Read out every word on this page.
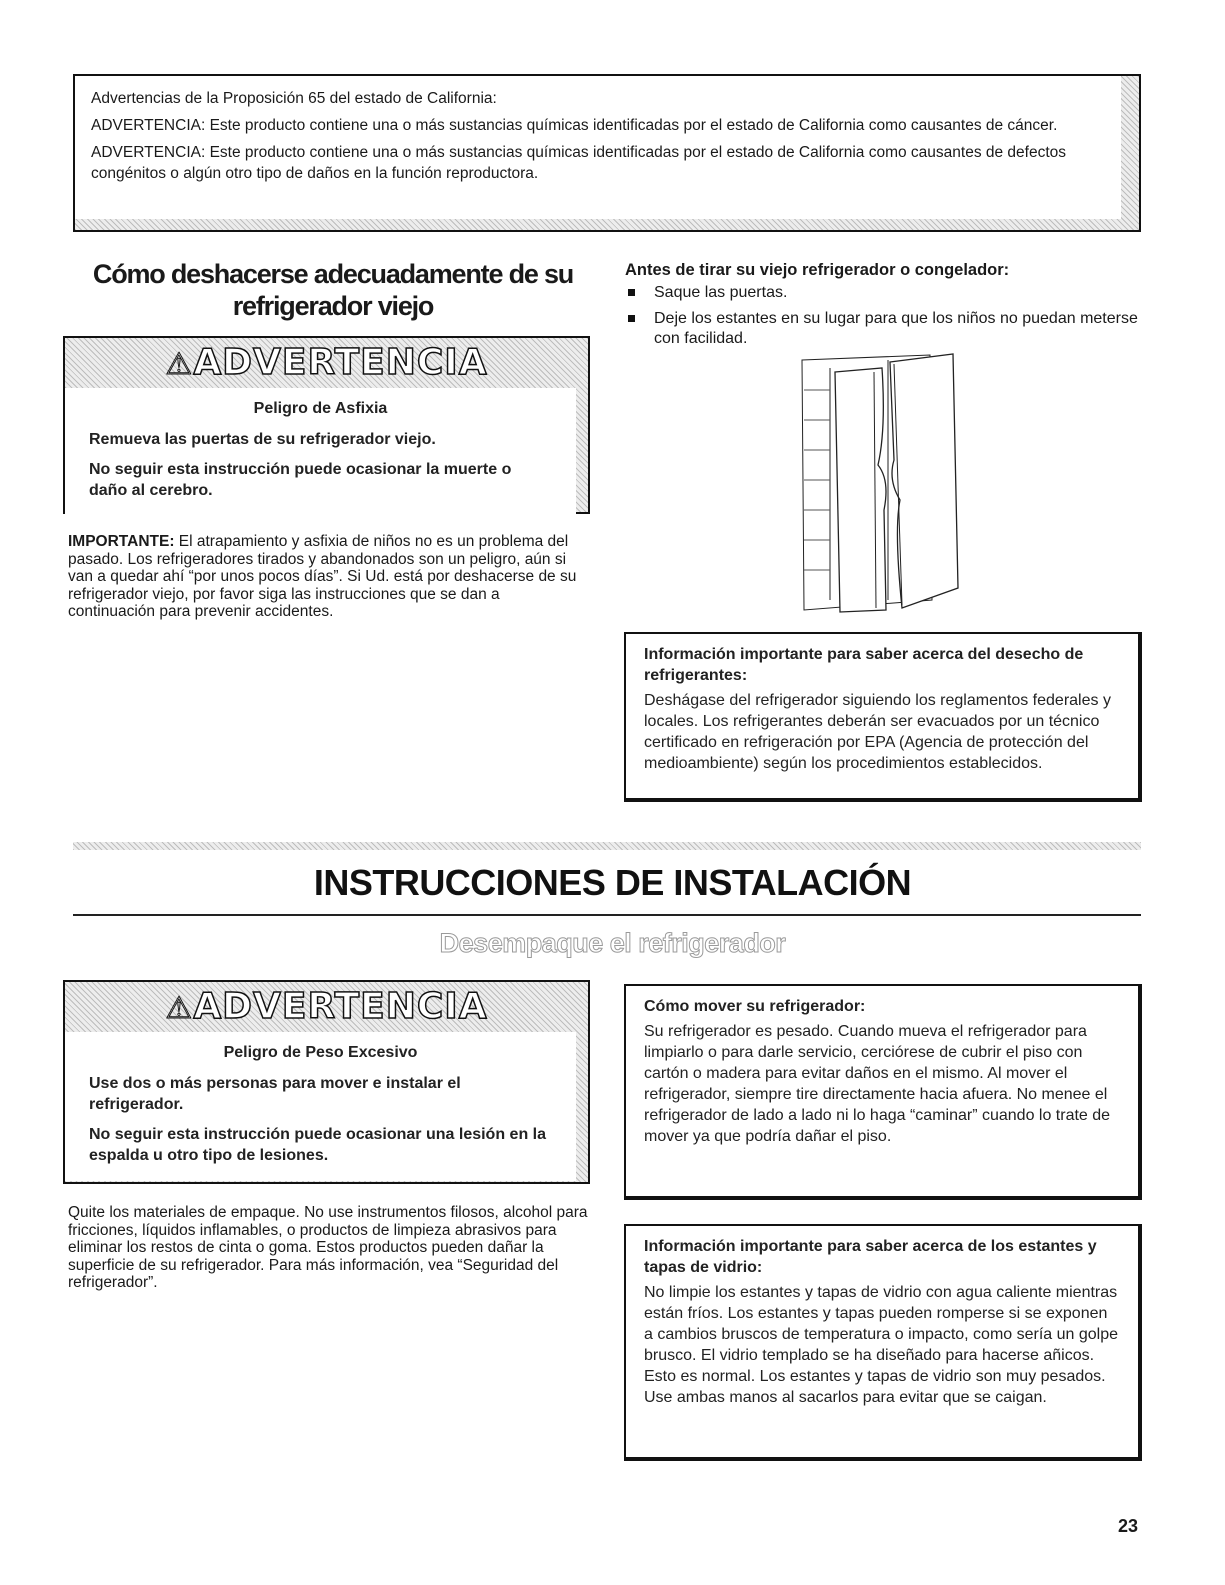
Advertencias de la Proposición 65 del estado de California:

ADVERTENCIA: Este producto contiene una o más sustancias químicas identificadas por el estado de California como causantes de cáncer.

ADVERTENCIA: Este producto contiene una o más sustancias químicas identificadas por el estado de California como causantes de defectos congénitos o algún otro tipo de daños en la función reproductora.

Cómo deshacerse adecuadamente de su
refrigerador viejo
⚠ADVERTENCIA
Peligro de Asfixia

Remueva las puertas de su refrigerador viejo.

No seguir esta instrucción puede ocasionar la muerte o daño al cerebro.

IMPORTANTE: El atrapamiento y asfixia de niños no es un problema del pasado. Los refrigeradores tirados y abandonados son un peligro, aún si van a quedar ahí “por unos pocos días”. Si Ud. está por deshacerse de su refrigerador viejo, por favor siga las instrucciones que se dan a continuación para prevenir accidentes.
Antes de tirar su viejo refrigerador o congelador:
Saque las puertas.
Deje los estantes en su lugar para que los niños no puedan meterse con facilidad.
Información importante para saber acerca del desecho de refrigerantes:
Deshágase del refrigerador siguiendo los reglamentos federales y locales. Los refrigerantes deberán ser evacuados por un técnico certificado en refrigeración por EPA (Agencia de protección del medioambiente) según los procedimientos establecidos.
INSTRUCCIONES DE INSTALACIÓN
Desempaque el refrigerador
⚠ADVERTENCIA
Peligro de Peso Excesivo

Use dos o más personas para mover e instalar el refrigerador.

No seguir esta instrucción puede ocasionar una lesión en la espalda u otro tipo de lesiones.

Quite los materiales de empaque. No use instrumentos filosos, alcohol para fricciones, líquidos inflamables, o productos de limpieza abrasivos para eliminar los restos de cinta o goma. Estos productos pueden dañar la superficie de su refrigerador. Para más información, vea “Seguridad del refrigerador”.
Cómo mover su refrigerador:
Su refrigerador es pesado. Cuando mueva el refrigerador para limpiarlo o para darle servicio, cerciórese de cubrir el piso con cartón o madera para evitar daños en el mismo. Al mover el refrigerador, siempre tire directamente hacia afuera. No menee el refrigerador de lado a lado ni lo haga “caminar” cuando lo trate de mover ya que podría dañar el piso.
Información importante para saber acerca de los estantes y tapas de vidrio:
No limpie los estantes y tapas de vidrio con agua caliente mientras están fríos. Los estantes y tapas pueden romperse si se exponen a cambios bruscos de temperatura o impacto, como sería un golpe brusco. El vidrio templado se ha diseñado para hacerse añicos. Esto es normal. Los estantes y tapas de vidrio son muy pesados. Use ambas manos al sacarlos para evitar que se caigan.
23
